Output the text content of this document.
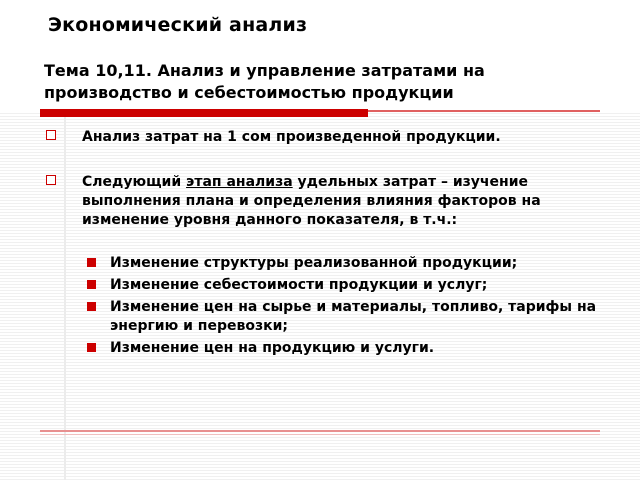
Экономический анализ
Тема 10,11. Анализ и управление затратами на производство и себестоимостью продукции
Анализ затрат на 1 сом произведенной продукции.
Следующий этап анализа удельных затрат – изучение выполнения плана и определения влияния факторов на изменение уровня данного показателя, в т.ч.:
Изменение структуры реализованной продукции;
Изменение себестоимости продукции и услуг;
Изменение цен на сырье и материалы, топливо, тарифы на энергию и перевозки;
Изменение цен на продукцию и услуги.
